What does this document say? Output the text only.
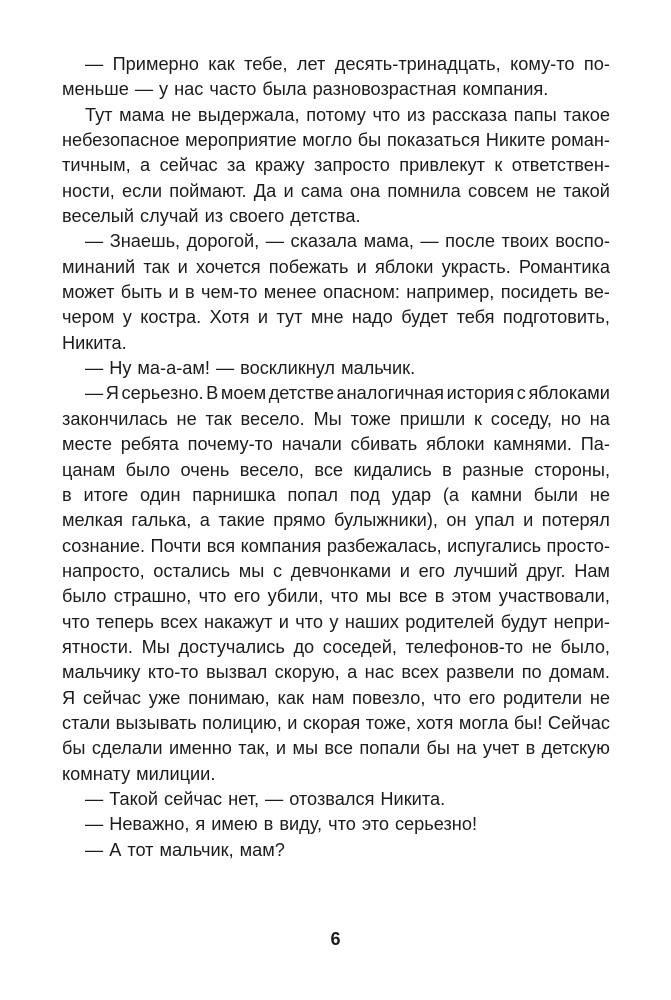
— Примерно как тебе, лет десять-тринадцать, кому-то по-
меньше — у нас часто была разновозрастная компания.
Тут мама не выдержала, потому что из рассказа папы такое
небезопасное мероприятие могло бы показаться Никите роман-
тичным, а сейчас за кражу запросто привлекут к ответствен-
ности, если поймают. Да и сама она помнила совсем не такой
веселый случай из своего детства.
— Знаешь, дорогой, — сказала мама, — после твоих воспо-
минаний так и хочется побежать и яблоки украсть. Романтика
может быть и в чем-то менее опасном: например, посидеть ве-
чером у костра. Хотя и тут мне надо будет тебя подготовить,
Никита.
— Ну ма-а-ам! — воскликнул мальчик.
— Я серьезно. В моем детстве аналогичная история с яблоками
закончилась не так весело. Мы тоже пришли к соседу, но на
месте ребята почему-то начали сбивать яблоки камнями. Па-
цанам было очень весело, все кидались в разные стороны,
в итоге один парнишка попал под удар (а камни были не
мелкая галька, а такие прямо булыжники), он упал и потерял
сознание. Почти вся компания разбежалась, испугались просто-
напросто, остались мы с девчонками и его лучший друг. Нам
было страшно, что его убили, что мы все в этом участвовали,
что теперь всех накажут и что у наших родителей будут непри-
ятности. Мы достучались до соседей, телефонов-то не было,
мальчику кто-то вызвал скорую, а нас всех развели по домам.
Я сейчас уже понимаю, как нам повезло, что его родители не
стали вызывать полицию, и скорая тоже, хотя могла бы! Сейчас
бы сделали именно так, и мы все попали бы на учет в детскую
комнату милиции.
— Такой сейчас нет, — отозвался Никита.
— Неважно, я имею в виду, что это серьезно!
— А тот мальчик, мам?
6
